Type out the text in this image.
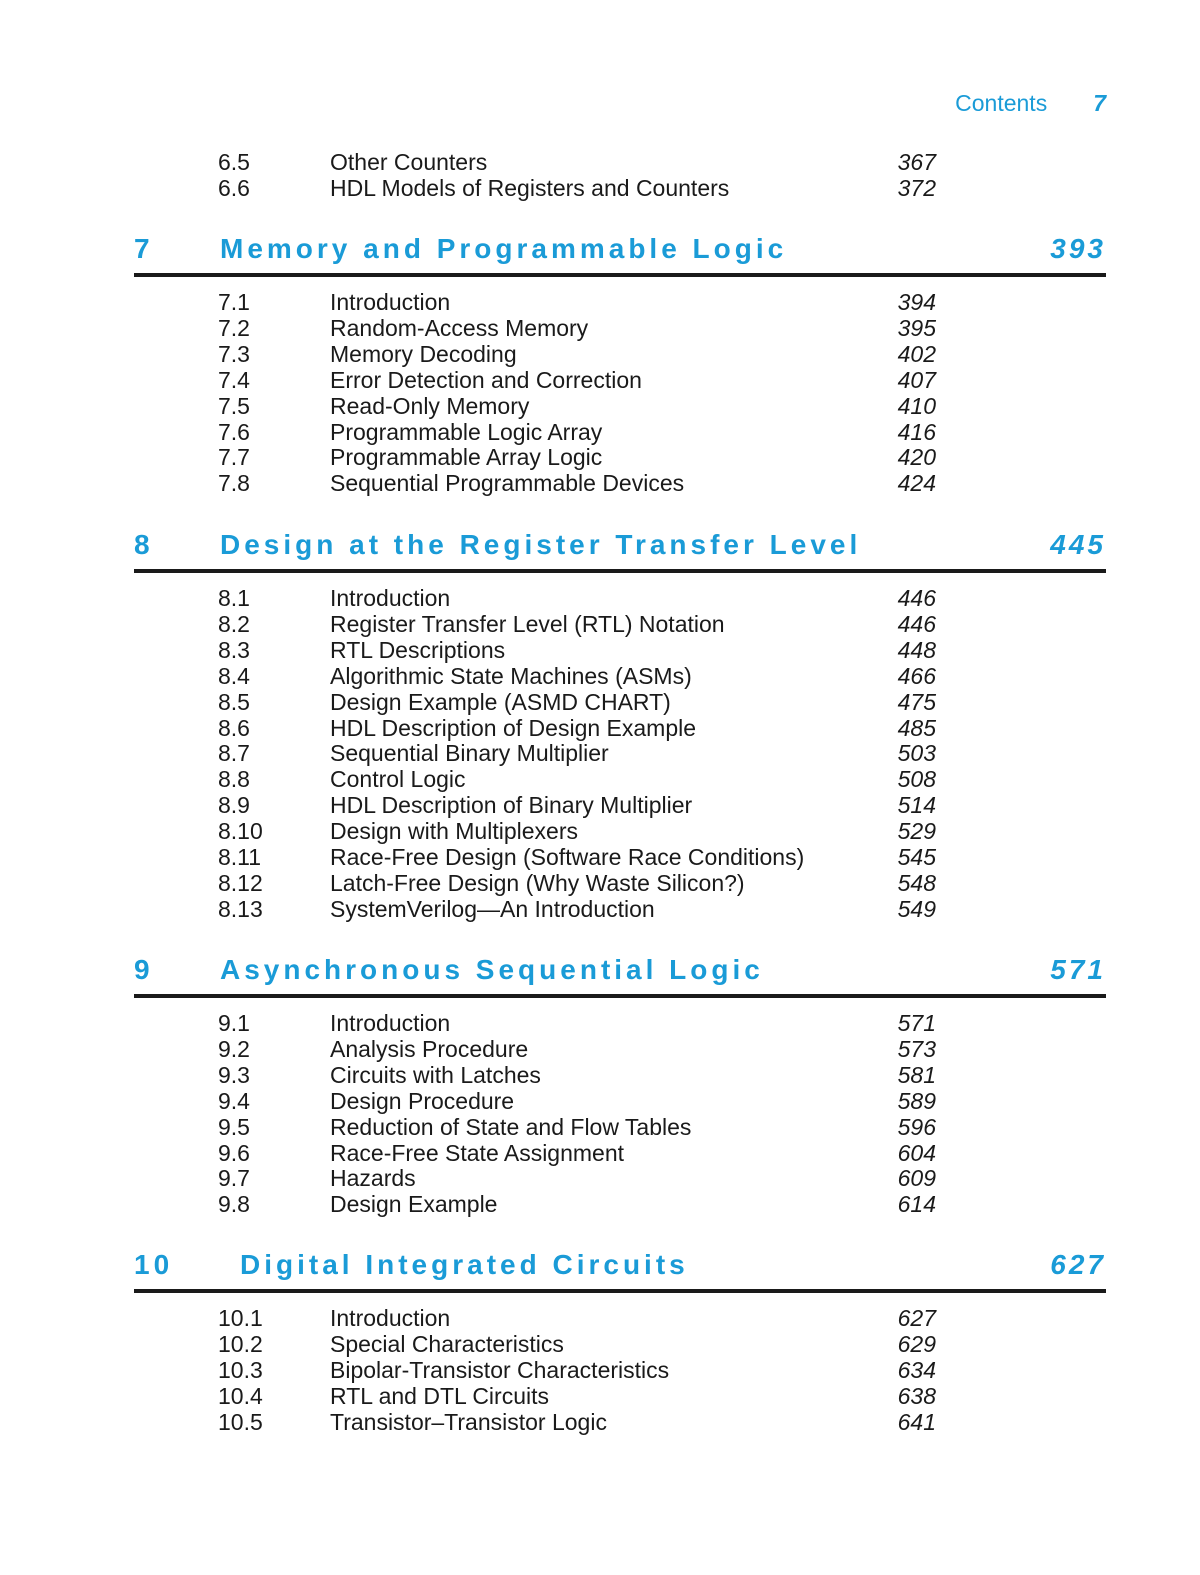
Contents 7
6.5	Other Counters	367
6.6	HDL Models of Registers and Counters	372
7 Memory and Programmable Logic	393
7.1	Introduction	394
7.2	Random-Access Memory	395
7.3	Memory Decoding	402
7.4	Error Detection and Correction	407
7.5	Read-Only Memory	410
7.6	Programmable Logic Array	416
7.7	Programmable Array Logic	420
7.8	Sequential Programmable Devices	424
8 Design at the Register Transfer Level	445
8.1	Introduction	446
8.2	Register Transfer Level (RTL) Notation	446
8.3	RTL Descriptions	448
8.4	Algorithmic State Machines (ASMs)	466
8.5	Design Example (ASMD CHART)	475
8.6	HDL Description of Design Example	485
8.7	Sequential Binary Multiplier	503
8.8	Control Logic	508
8.9	HDL Description of Binary Multiplier	514
8.10	Design with Multiplexers	529
8.11	Race-Free Design (Software Race Conditions)	545
8.12	Latch-Free Design (Why Waste Silicon?)	548
8.13	SystemVerilog—An Introduction	549
9 Asynchronous Sequential Logic	571
9.1	Introduction	571
9.2	Analysis Procedure	573
9.3	Circuits with Latches	581
9.4	Design Procedure	589
9.5	Reduction of State and Flow Tables	596
9.6	Race-Free State Assignment	604
9.7	Hazards	609
9.8	Design Example	614
10 Digital Integrated Circuits	627
10.1	Introduction	627
10.2	Special Characteristics	629
10.3	Bipolar-Transistor Characteristics	634
10.4	RTL and DTL Circuits	638
10.5	Transistor–Transistor Logic	641
